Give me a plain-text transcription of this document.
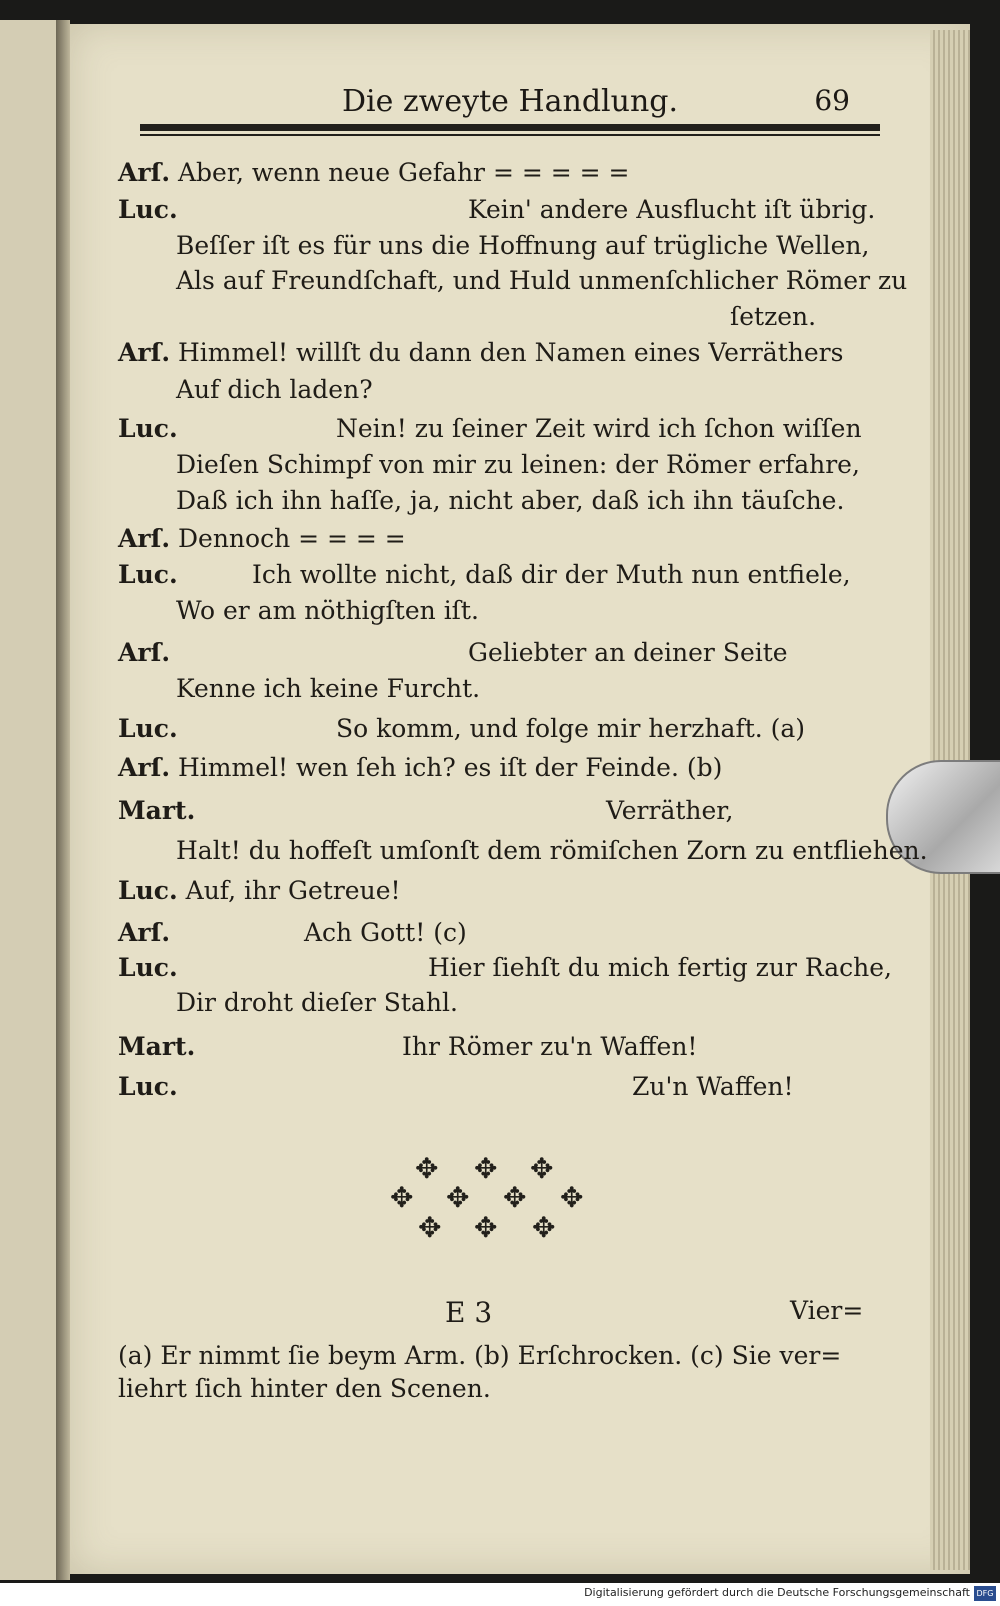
Die zweyte Handlung.	69
Arſ. Aber, wenn neue Gefahr = = = = =
Luc.	Kein' andere Ausflucht iſt übrig.
Beſſer iſt es für uns die Hoffnung auf trügliche Wellen,
Als auf Freundſchaft, und Huld unmenſchlicher Römer zu
ſetzen.
Arſ. Himmel! willſt du dann den Namen eines Verräthers
Auf dich laden?
Luc.	Nein! zu ſeiner Zeit wird ich ſchon wiſſen
Dieſen Schimpf von mir zu leinen: der Römer erfahre,
Daß ich ihn haſſe, ja, nicht aber, daß ich ihn täuſche.
Arſ. Dennoch = = = =
Luc.	Ich wollte nicht, daß dir der Muth nun entfiele,
Wo er am nöthigſten iſt.
Arſ.	Geliebter an deiner Seite
Kenne ich keine Furcht.
Luc.	So komm, und folge mir herzhaft. (a)
Arſ. Himmel! wen ſeh ich? es iſt der Feinde. (b)
Mart.	Verräther,
Halt! du hoffeſt umſonſt dem römiſchen Zorn zu entfliehen.
Luc. Auf, ihr Getreue!
Arſ.	Ach Gott! (c)
Luc.	Hier ſiehſt du mich fertig zur Rache,
Dir droht dieſer Stahl.
Mart.	Ihr Römer zu'n Waffen!
Luc.	Zu'n Waffen!
✥ ✥ ✥
✥ ✥ ✥ ✥
✥ ✥ ✥
E 3	Vier=
(a) Er nimmt ſie beym Arm. (b) Erſchrocken. (c) Sie ver=
liehrt ſich hinter den Scenen.
Digitalisierung gefördert durch die Deutsche Forschungsgemeinschaft DFG
